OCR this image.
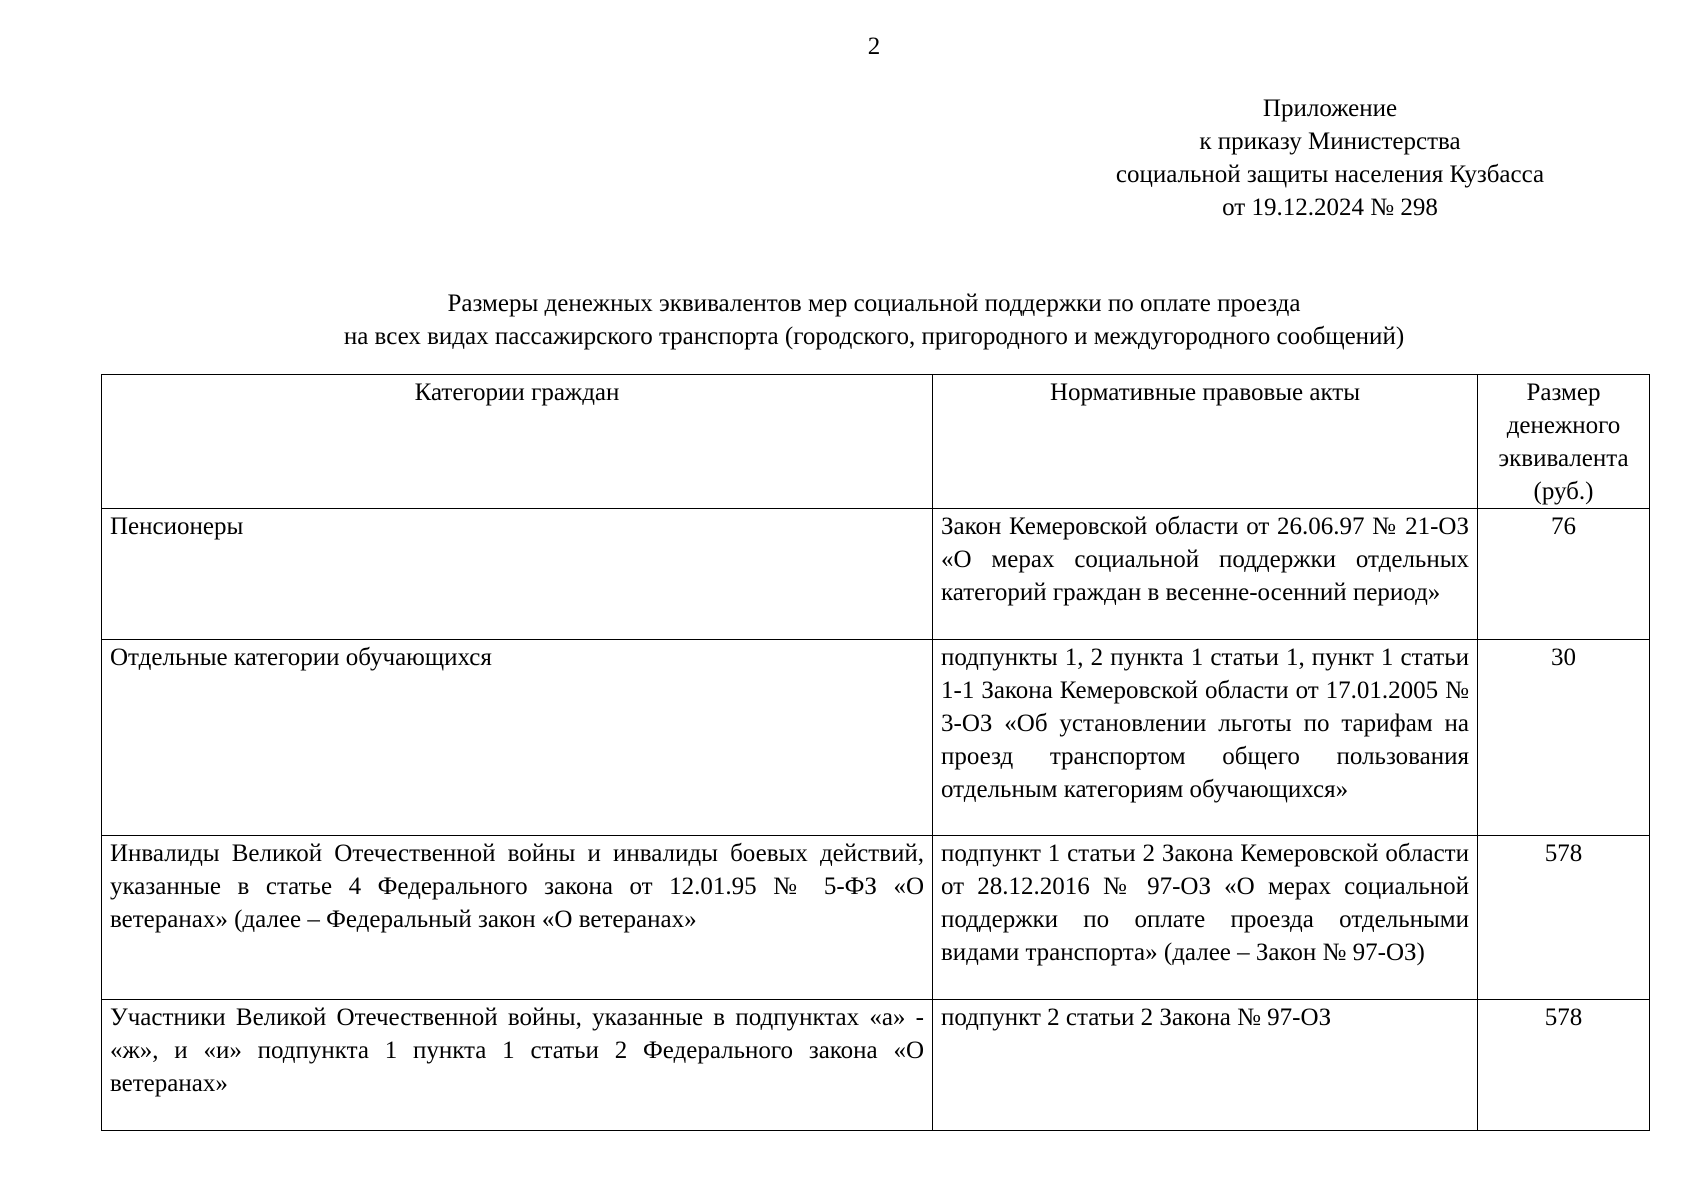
2
Приложение
к приказу Министерства
социальной защиты населения Кузбасса
от 19.12.2024 № 298
Размеры денежных эквивалентов мер социальной поддержки по оплате проезда
на всех видах пассажирского транспорта (городского, пригородного и междугородного сообщений)
Категории граждан	Нормативные правовые акты	Размер денежного эквивалента (руб.)
Пенсионеры	Закон Кемеровской области от 26.06.97 № 21-ОЗ «О мерах социальной поддержки отдельных категорий граждан в весенне-осенний период»	76
Отдельные категории обучающихся	подпункты 1, 2 пункта 1 статьи 1, пункт 1 статьи 1-1 Закона Кемеровской области от 17.01.2005 № 3-ОЗ «Об установлении льготы по тарифам на проезд транспортом общего пользования отдельным категориям обучающихся»	30
Инвалиды Великой Отечественной войны и инвалиды боевых действий, указанные в статье 4 Федерального закона от 12.01.95 № 5-ФЗ «О ветеранах» (далее – Федеральный закон «О ветеранах»	подпункт 1 статьи 2 Закона Кемеровской области от 28.12.2016 № 97-ОЗ «О мерах социальной поддержки по оплате проезда отдельными видами транспорта» (далее – Закон № 97-ОЗ)	578
Участники Великой Отечественной войны, указанные в подпунктах «а» - «ж», и «и» подпункта 1 пункта 1 статьи 2 Федерального закона «О ветеранах»	подпункт 2 статьи 2 Закона № 97-ОЗ	578
